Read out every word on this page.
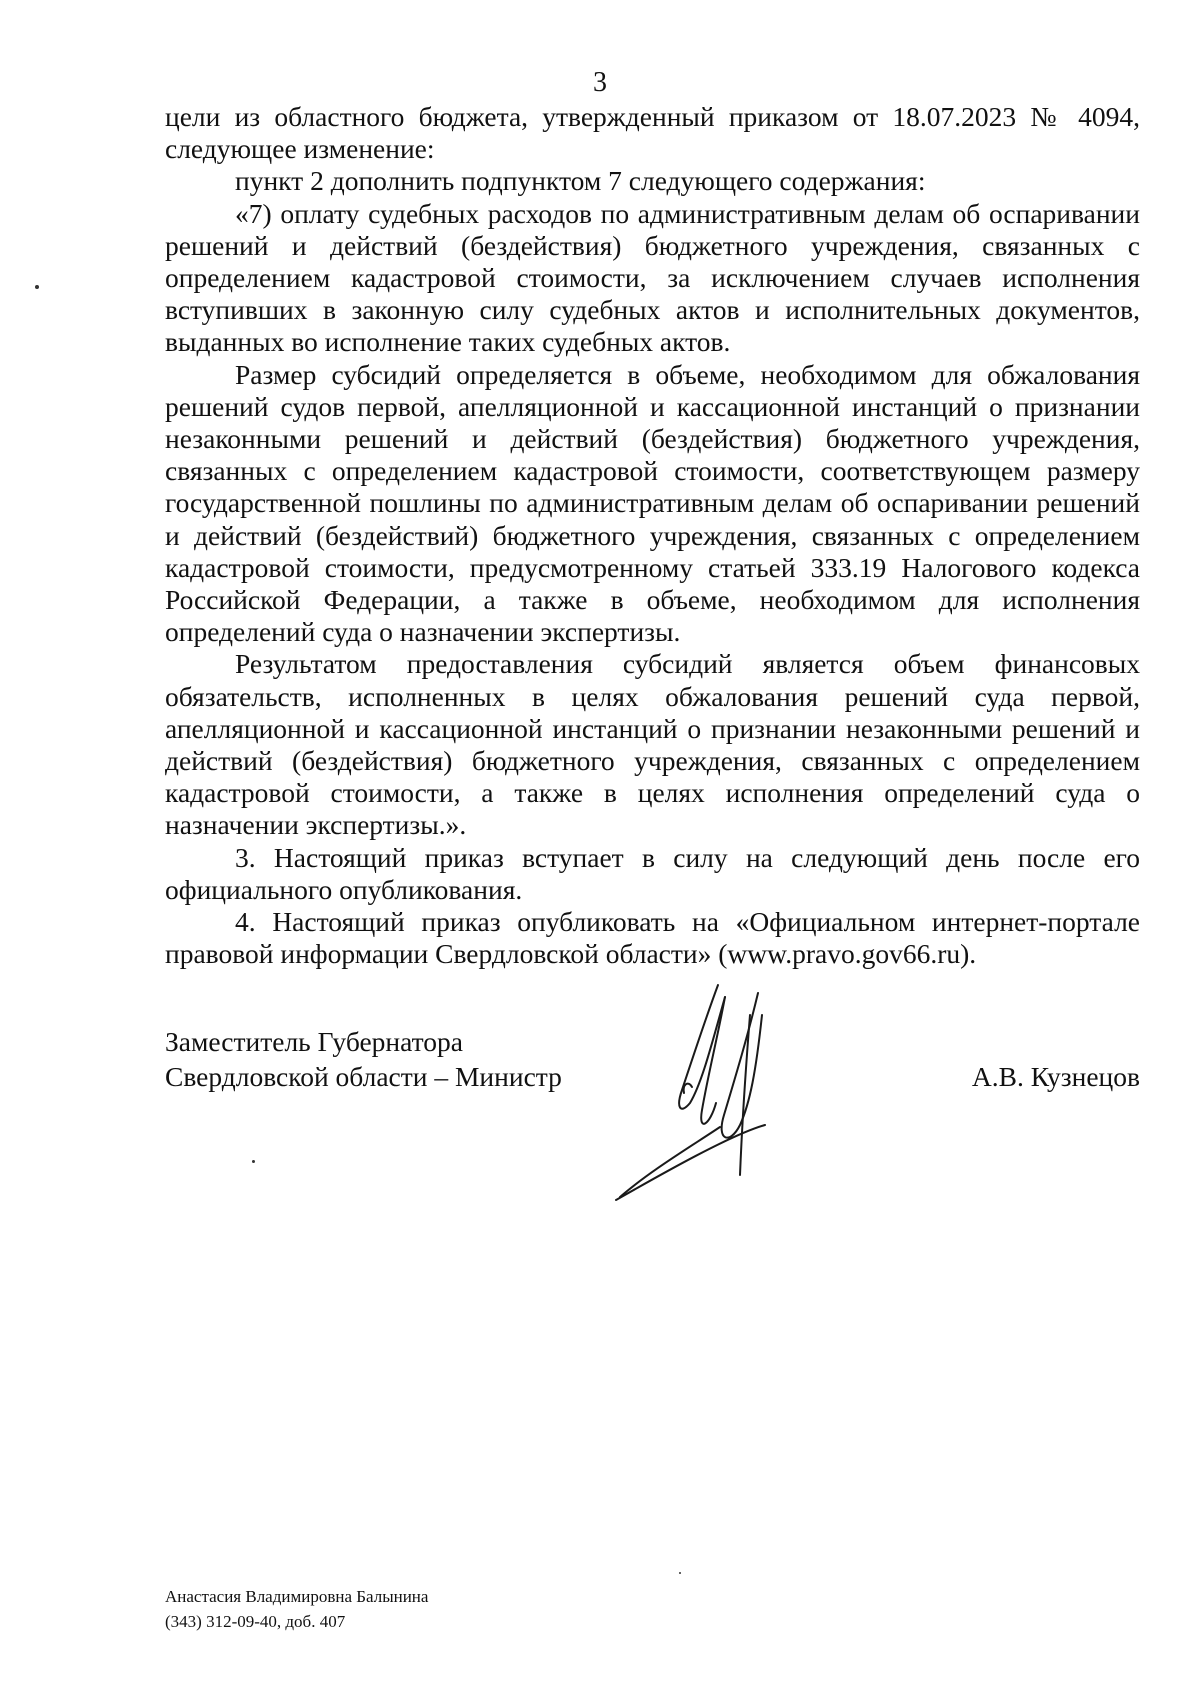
3

цели из областного бюджета, утвержденный приказом от 18.07.2023 № 4094, следующее изменение:

пункт 2 дополнить подпунктом 7 следующего содержания:

«7) оплату судебных расходов по административным делам об оспаривании решений и действий (бездействия) бюджетного учреждения, связанных с определением кадастровой стоимости, за исключением случаев исполнения вступивших в законную силу судебных актов и исполнительных документов, выданных во исполнение таких судебных актов.

Размер субсидий определяется в объеме, необходимом для обжалования решений судов первой, апелляционной и кассационной инстанций о признании незаконными решений и действий (бездействия) бюджетного учреждения, связанных с определением кадастровой стоимости, соответствующем размеру государственной пошлины по административным делам об оспаривании решений и действий (бездействий) бюджетного учреждения, связанных с определением кадастровой стоимости, предусмотренному статьей 333.19 Налогового кодекса Российской Федерации, а также в объеме, необходимом для исполнения определений суда о назначении экспертизы.

Результатом предоставления субсидий является объем финансовых обязательств, исполненных в целях обжалования решений суда первой, апелляционной и кассационной инстанций о признании незаконными решений и действий (бездействия) бюджетного учреждения, связанных с определением кадастровой стоимости, а также в целях исполнения определений суда о назначении экспертизы.».

3. Настоящий приказ вступает в силу на следующий день после его официального опубликования.

4. Настоящий приказ опубликовать на «Официальном интернет-портале правовой информации Свердловской области» (www.pravo.gov66.ru).

Заместитель Губернатора
Свердловской области – Министр	А.В. Кузнецов
Анастасия Владимировна Балынина
(343) 312-09-40, доб. 407
